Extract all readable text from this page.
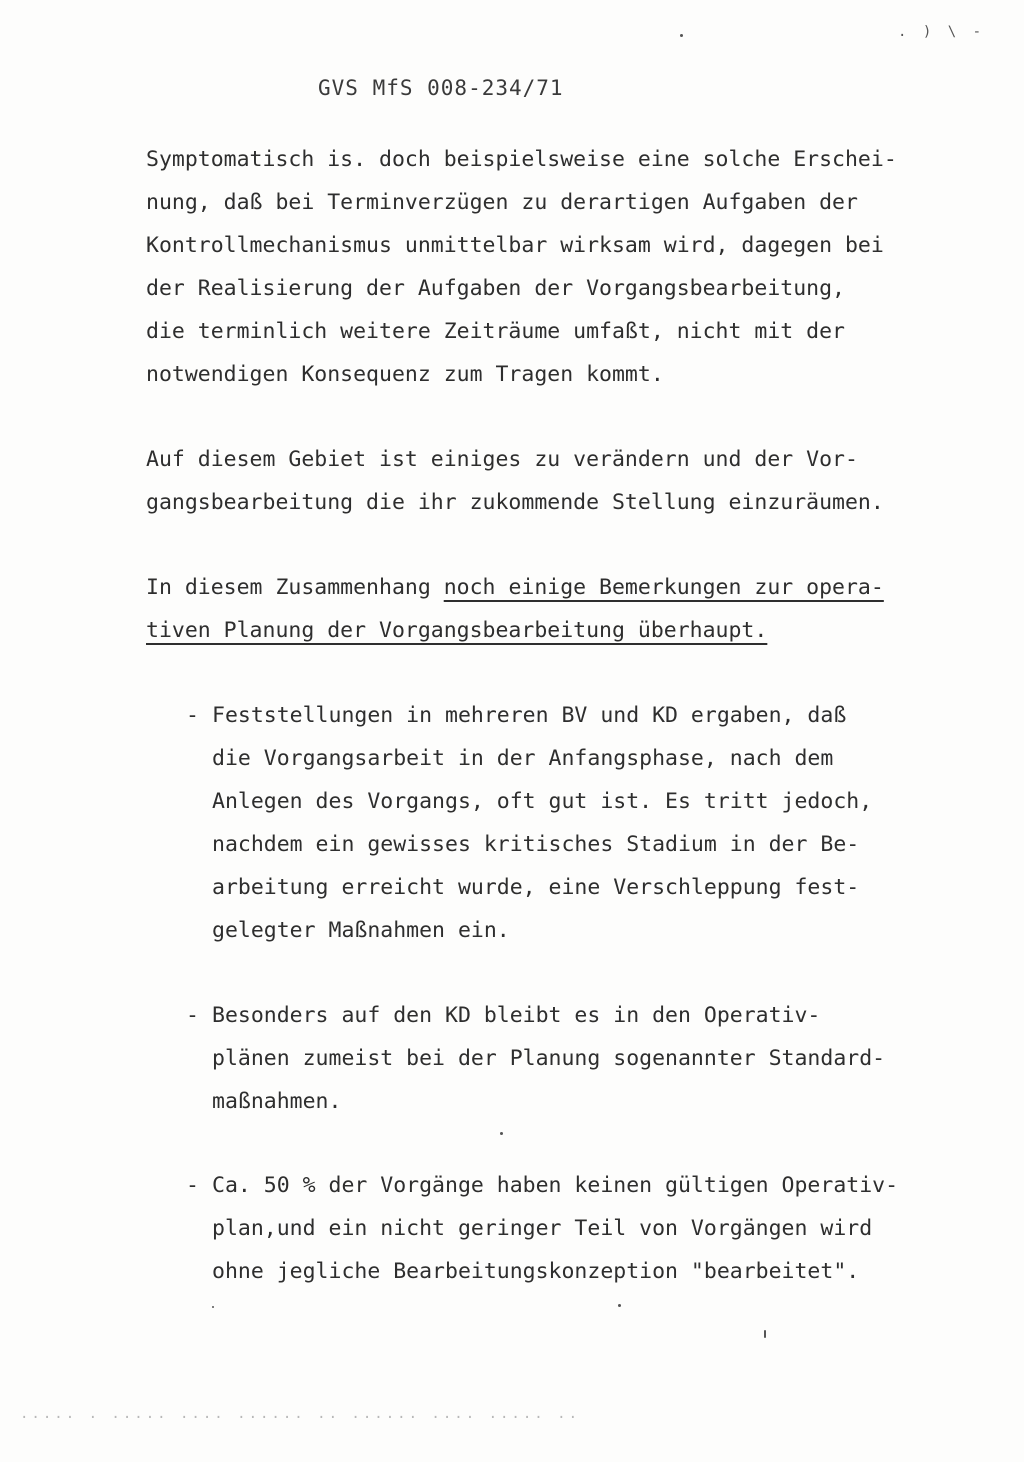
. ) \ -
GVS MfS 008-234/71
Symptomatisch is. doch beispielsweise eine solche Erschei-
nung, daß bei Terminverzügen zu derartigen Aufgaben der
Kontrollmechanismus unmittelbar wirksam wird, dagegen bei
der Realisierung der Aufgaben der Vorgangsbearbeitung,
die terminlich weitere Zeiträume umfaßt, nicht mit der
notwendigen Konsequenz zum Tragen kommt.
Auf diesem Gebiet ist einiges zu verändern und der Vor-
gangsbearbeitung die ihr zukommende Stellung einzuräumen.
In diesem Zusammenhang noch einige Bemerkungen zur opera-
tiven Planung der Vorgangsbearbeitung überhaupt.
- Feststellungen in mehreren BV und KD ergaben, daß
die Vorgangsarbeit in der Anfangsphase, nach dem
Anlegen des Vorgangs, oft gut ist. Es tritt jedoch,
nachdem ein gewisses kritisches Stadium in der Be-
arbeitung erreicht wurde, eine Verschleppung fest-
gelegter Maßnahmen ein.
- Besonders auf den KD bleibt es in den Operativ-
plänen zumeist bei der Planung sogenannter Standard-
maßnahmen.
- Ca. 50 % der Vorgänge haben keinen gültigen Operativ-
plan,und ein nicht geringer Teil von Vorgängen wird
ohne jegliche Bearbeitungskonzeption "bearbeitet".
..... . ..... .... ...... .. ...... .... ..... ..
